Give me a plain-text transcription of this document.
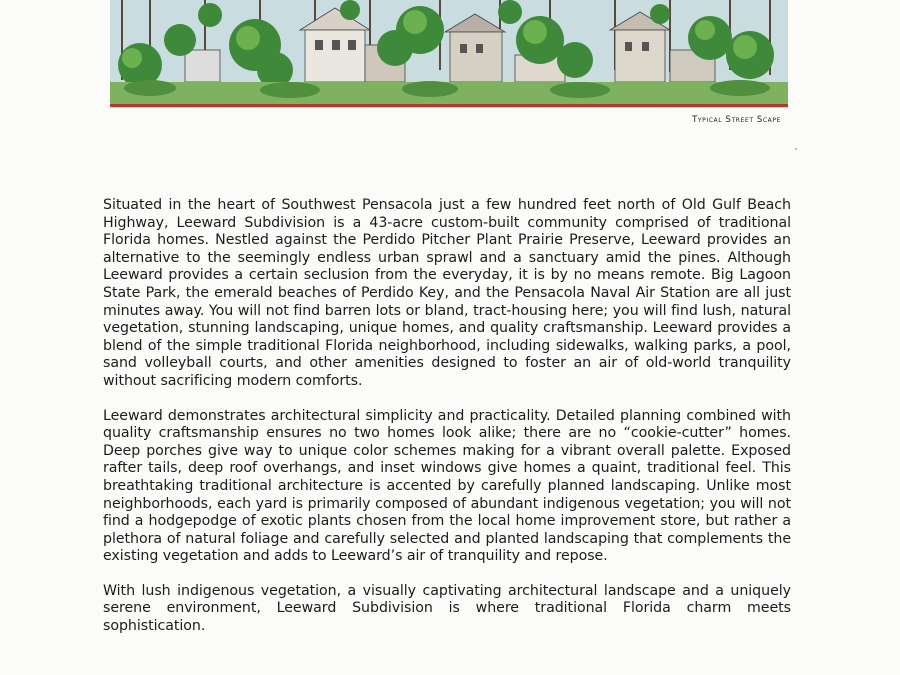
Typical Street Scape

Situated in the heart of Southwest Pensacola just a few hundred feet north of Old Gulf Beach Highway, Leeward Subdivision is a 43-acre custom-built community comprised of traditional Florida homes. Nestled against the Perdido Pitcher Plant Prairie Preserve, Leeward provides an alternative to the seemingly endless urban sprawl and a sanctuary amid the pines. Although Leeward provides a certain seclusion from the everyday, it is by no means remote. Big Lagoon State Park, the emerald beaches of Perdido Key, and the Pensacola Naval Air Station are all just minutes away. You will not find barren lots or bland, tract-housing here; you will find lush, natural vegetation, stunning landscaping, unique homes, and quality craftsmanship. Leeward provides a blend of the simple traditional Florida neighborhood, including sidewalks, walking parks, a pool, sand volleyball courts, and other amenities designed to foster an air of old-world tranquility without sacrificing modern comforts.

Leeward demonstrates architectural simplicity and practicality. Detailed planning combined with quality craftsmanship ensures no two homes look alike; there are no “cookie-cutter” homes. Deep porches give way to unique color schemes making for a vibrant overall palette. Exposed rafter tails, deep roof overhangs, and inset windows give homes a quaint, traditional feel. This breathtaking traditional architecture is accented by carefully planned landscaping. Unlike most neighborhoods, each yard is primarily composed of abundant indigenous vegetation; you will not find a hodgepodge of exotic plants chosen from the local home improvement store, but rather a plethora of natural foliage and carefully selected and planted landscaping that complements the existing vegetation and adds to Leeward’s air of tranquility and repose.

With lush indigenous vegetation, a visually captivating architectural landscape and a uniquely serene environment, Leeward Subdivision is where traditional Florida charm meets sophistication.
